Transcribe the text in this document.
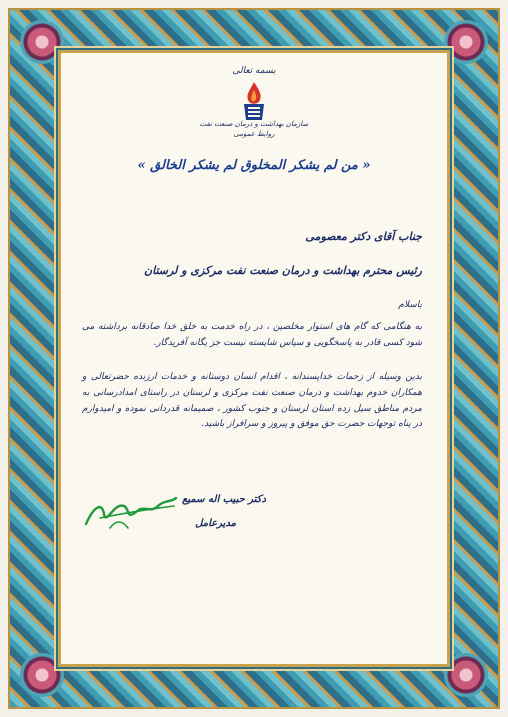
بسمه تعالی
سازمان بهداشت و درمان صنعت نفت
روابط عمومی
« من لم یشکر المخلوق لم یشکر الخالق »
جناب آقای دکتر معصومی
رئیس محترم بهداشت و درمان صنعت نفت مرکزی و لرستان
باسلام
به هنگامی که گام های استوار مخلصین ، در راه خدمت به خلق خدا صادقانه برداشته می شود کسی قادر به پاسخگویی و سپاس شایسته نیست جز یگانه آفریدگار.
بدین وسیله از زحمات خداپسندانه ، اقدام انسان دوستانه و خدمات ارزنده حضرتعالی و همکاران خدوم بهداشت و درمان صنعت نفت مرکزی و لرستان در راستای امدادرسانی به مردم مناطق سیل زده استان لرستان و جنوب کشور ، صمیمانه قدردانی نموده و امیدوارم در پناه توجهات حضرت حق موفق و پیروز و سرافراز باشید.
دکتر حبیب اله سمیع
مدیرعامل
